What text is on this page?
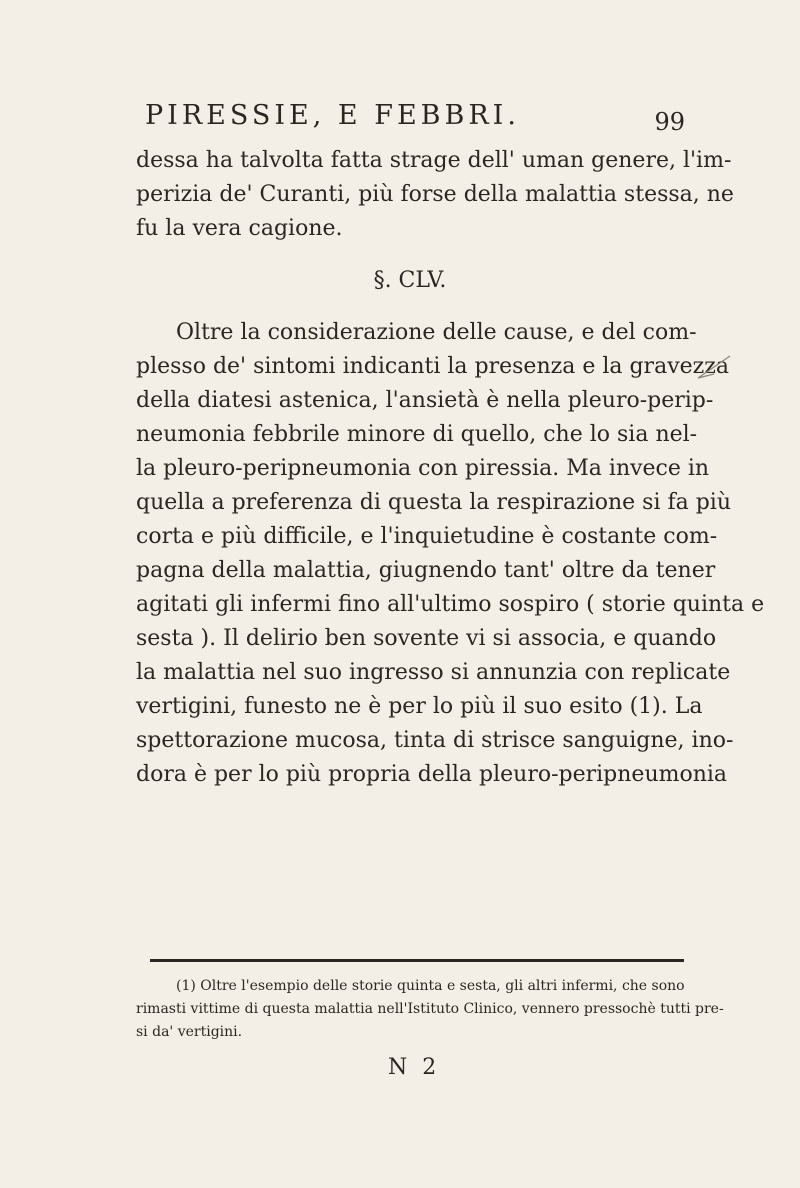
PIRESSIE, E FEBBRI.	99
dessa ha talvolta fatta strage dell' uman genere, l'im-
perizia de' Curanti, più forse della malattia stessa, ne
fu la vera cagione.
§. CLV.
Oltre la considerazione delle cause, e del com-
plesso de' sintomi indicanti la presenza e la gravezza
della diatesi astenica, l'ansietà è nella pleuro-perip-
neumonia febbrile minore di quello, che lo sia nel-
la pleuro-peripneumonia con piressia. Ma invece in
quella a preferenza di questa la respirazione si fa più
corta e più difficile, e l'inquietudine è costante com-
pagna della malattia, giugnendo tant' oltre da tener
agitati gli infermi fino all'ultimo sospiro ( storie quinta e
sesta ). Il delirio ben sovente vi si associa, e quando
la malattia nel suo ingresso si annunzia con replicate
vertigini, funesto ne è per lo più il suo esito (1). La
spettorazione mucosa, tinta di strisce sanguigne, ino-
dora è per lo più propria della pleuro-peripneumonia
(1) Oltre l'esempio delle storie quinta e sesta, gli altri infermi, che sono
rimasti vittime di questa malattia nell'Istituto Clinico, vennero pressochè tutti pre-
si da' vertigini.
N 2
